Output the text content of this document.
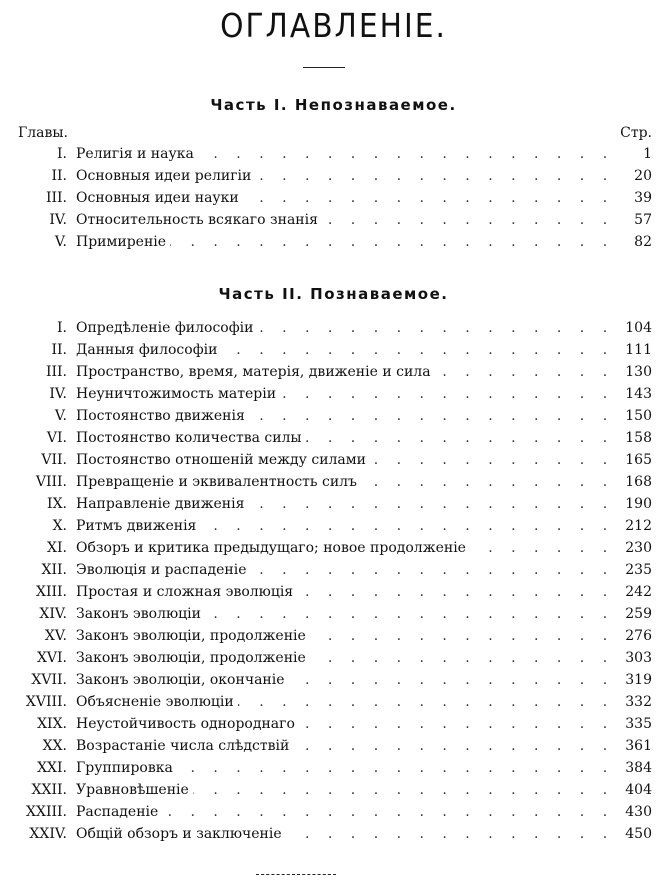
ОГЛАВЛЕНIЕ.
Часть I. Непознаваемое.
Главы.	Стр.
I. Религiя и наука . . .	1
II. Основныя идеи религiи . . .	20
III. Основныя идеи науки . . .	39
IV. Относительность всякаго знанiя . . .	57
V. Примиренiе . . .	82
Часть II. Познаваемое.
I. Опредѣленiе философiи . . .	104
II. Данныя философiи . . .	111
III. Пространство, время, матерiя, движенiе и сила . . .	130
IV. Неуничтожимость матерiи . . .	143
V. Постоянство движенiя . . .	150
VI. Постоянство количества силы . . .	158
VII. Постоянство отношенiй между силами . . .	165
VIII. Превращенiе и эквивалентность силъ . . .	168
IX. Направленiе движенiя . . .	190
X. Ритмъ движенiя . . .	212
XI. Обзоръ и критика предыдущаго; новое продолженiе . . .	230
XII. Эволюцiя и распаденiе . . .	235
XIII. Простая и сложная эволюцiя . . .	242
XIV. Законъ эволюцiи . . .	259
XV. Законъ эволюцiи, продолженiе . . .	276
XVI. Законъ эволюцiи, продолженiе . . .	303
XVII. Законъ эволюцiи, окончанiе . . .	319
XVIII. Объясненiе эволюцiи . . .	332
XIX. Неустойчивость однороднаго . . .	335
XX. Возрастанiе числа слѣдствiй . . .	361
XXI. Группировка . . .	384
XXII. Уравновѣшенiе . . .	404
XXIII. Распаденiе . . .	430
XXIV. Общiй обзоръ и заключенiе . . .	450
